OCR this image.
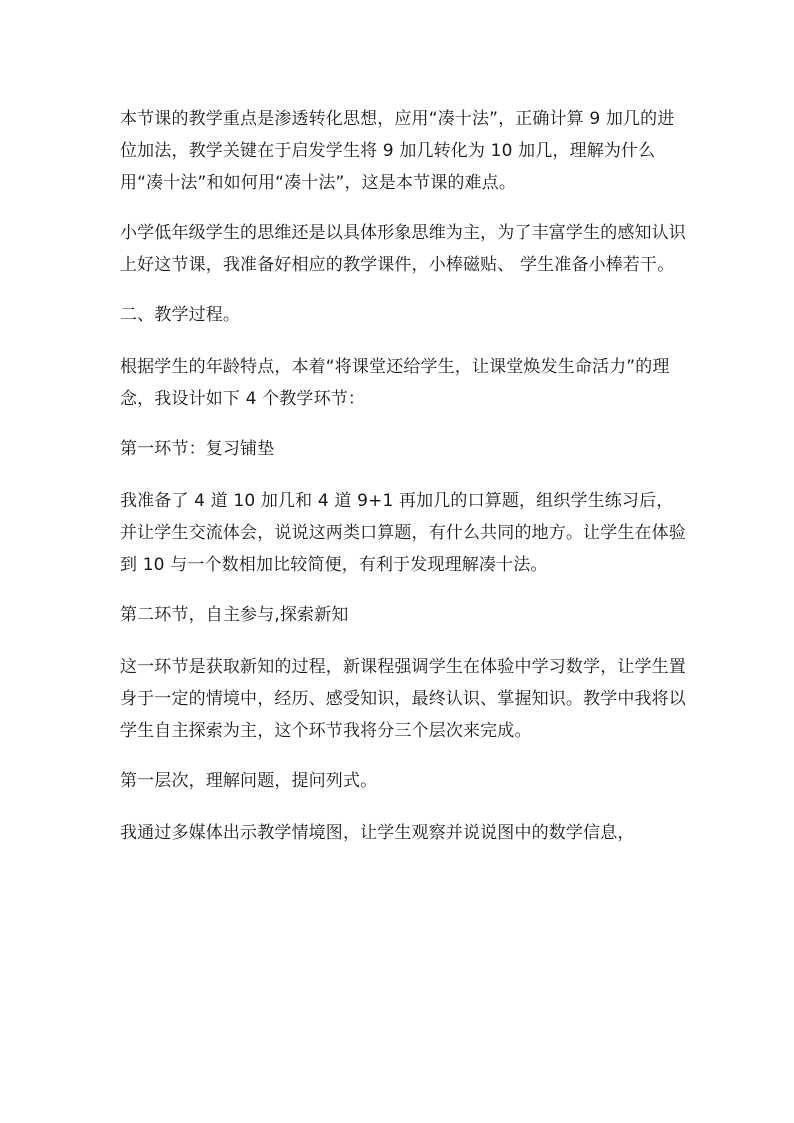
本节课的教学重点是渗透转化思想，应用“凑十法”，正确计算 9 加几的进位加法，教学关键在于启发学生将 9 加几转化为 10 加几，理解为什么用“凑十法”和如何用“凑十法”，这是本节课的难点。

小学低年级学生的思维还是以具体形象思维为主，为了丰富学生的感知认识上好这节课，我准备好相应的教学课件，小棒磁贴、 学生准备小棒若干。

二、教学过程。

根据学生的年龄特点，本着“将课堂还给学生，让课堂焕发生命活力”的理念，我设计如下 4 个教学环节：

第一环节：复习铺垫

我准备了 4 道 10 加几和 4 道 9+1 再加几的口算题，组织学生练习后，并让学生交流体会，说说这两类口算题，有什么共同的地方。让学生在体验到 10 与一个数相加比较简便，有利于发现理解凑十法。

第二环节，自主参与,探索新知

这一环节是获取新知的过程，新课程强调学生在体验中学习数学，让学生置身于一定的情境中，经历、感受知识，最终认识、掌握知识。教学中我将以学生自主探索为主，这个环节我将分三个层次来完成。

第一层次，理解问题，提问列式。

我通过多媒体出示教学情境图，让学生观察并说说图中的数学信息，
